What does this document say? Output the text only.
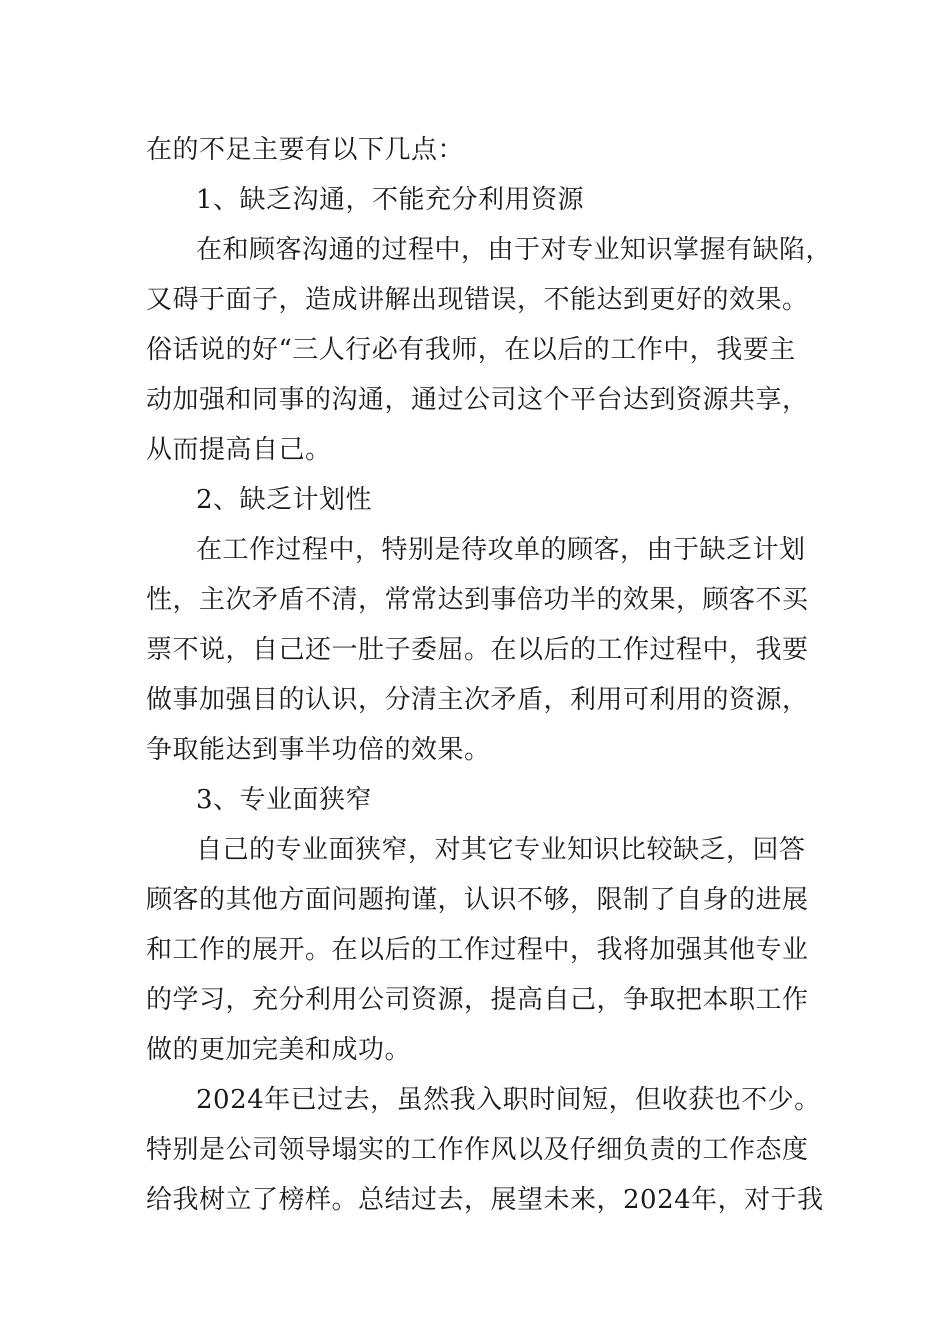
在的不足主要有以下几点：
1、缺乏沟通，不能充分利用资源
在和顾客沟通的过程中，由于对专业知识掌握有缺陷，
又碍于面子，造成讲解出现错误，不能达到更好的效果。
俗话说的好“三人行必有我师，在以后的工作中，我要主
动加强和同事的沟通，通过公司这个平台达到资源共享，
从而提高自己。
2、缺乏计划性
在工作过程中，特别是待攻单的顾客，由于缺乏计划
性，主次矛盾不清，常常达到事倍功半的效果，顾客不买
票不说，自己还一肚子委屈。在以后的工作过程中，我要
做事加强目的认识，分清主次矛盾，利用可利用的资源，
争取能达到事半功倍的效果。
3、专业面狭窄
自己的专业面狭窄，对其它专业知识比较缺乏，回答
顾客的其他方面问题拘谨，认识不够，限制了自身的进展
和工作的展开。在以后的工作过程中，我将加强其他专业
的学习，充分利用公司资源，提高自己，争取把本职工作
做的更加完美和成功。
2024年已过去，虽然我入职时间短，但收获也不少。
特别是公司领导塌实的工作作风以及仔细负责的工作态度
给我树立了榜样。总结过去，展望未来，2024年，对于我
